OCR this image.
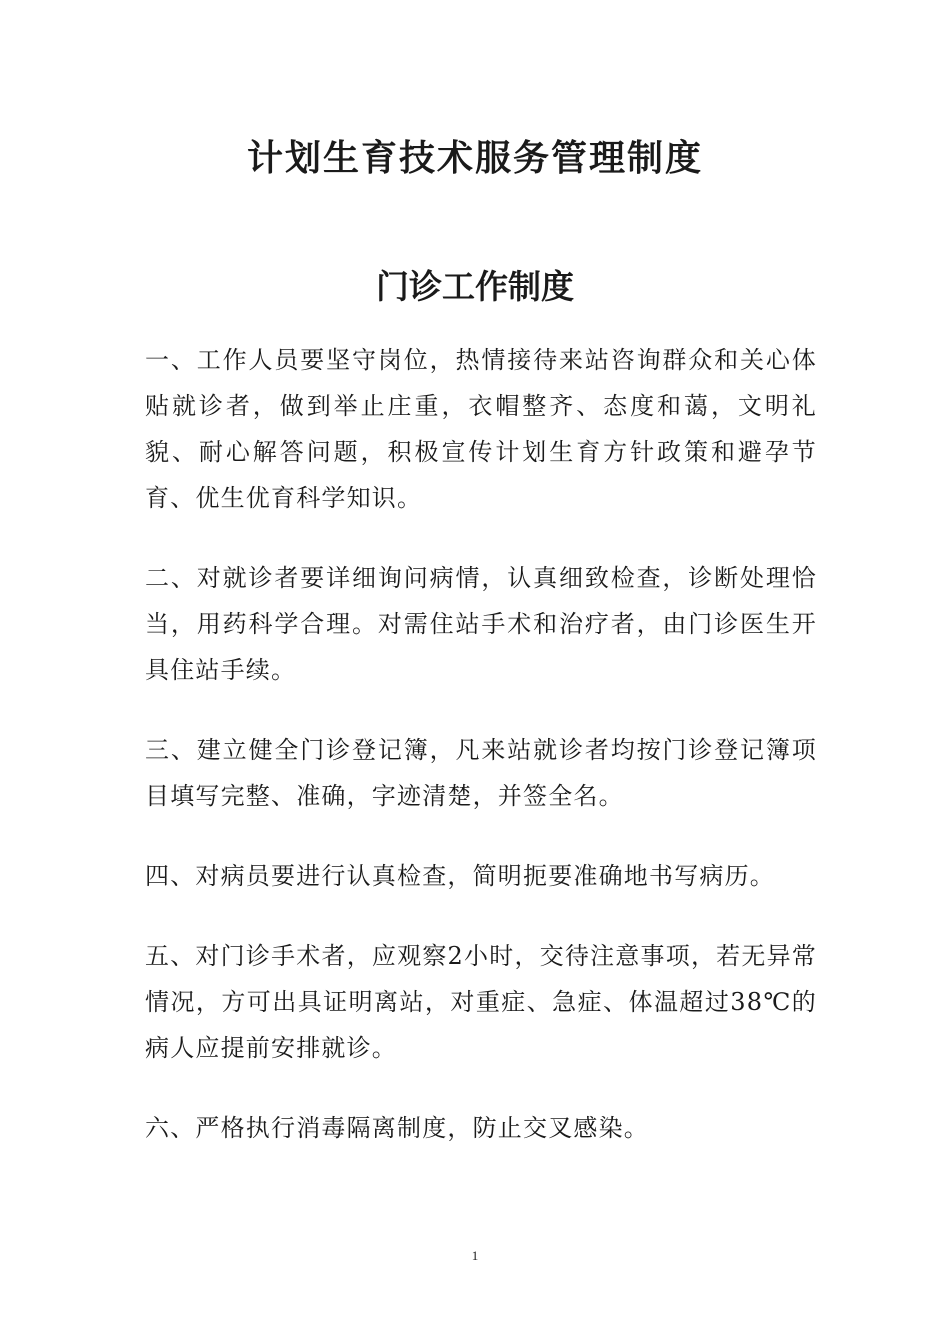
计划生育技术服务管理制度
门诊工作制度

一、工作人员要坚守岗位，热情接待来站咨询群众和关心体贴就诊者，做到举止庄重，衣帽整齐、态度和蔼，文明礼貌、耐心解答问题，积极宣传计划生育方针政策和避孕节育、优生优育科学知识。

二、对就诊者要详细询问病情，认真细致检查，诊断处理恰当，用药科学合理。对需住站手术和治疗者，由门诊医生开具住站手续。

三、建立健全门诊登记簿，凡来站就诊者均按门诊登记簿项目填写完整、准确，字迹清楚，并签全名。

四、对病员要进行认真检查，简明扼要准确地书写病历。

五、对门诊手术者，应观察2小时，交待注意事项，若无异常情况，方可出具证明离站，对重症、急症、体温超过38℃的病人应提前安排就诊。

六、严格执行消毒隔离制度，防止交叉感染。

1
